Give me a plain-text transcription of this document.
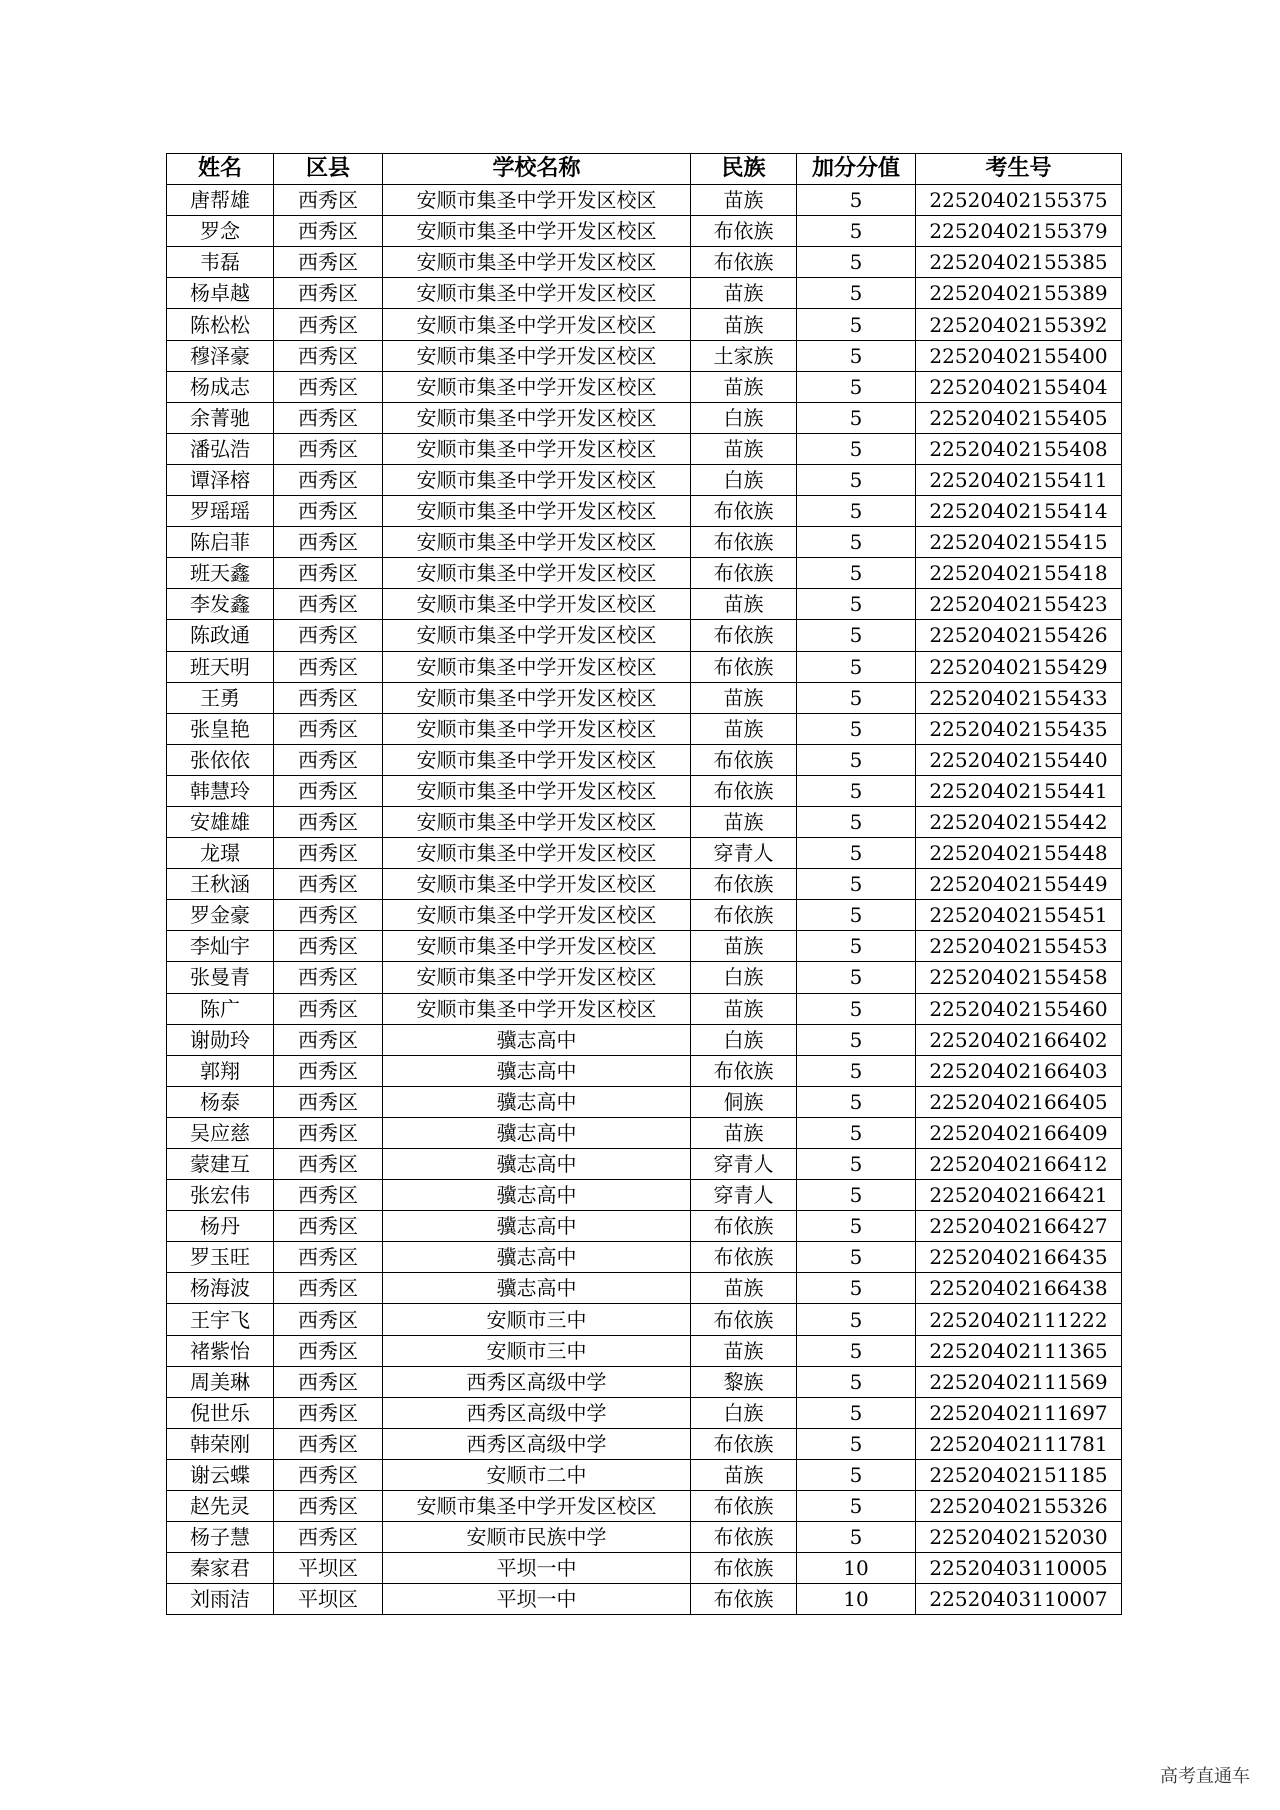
姓名	区县	学校名称	民族	加分分值	考生号
唐帮雄	西秀区	安顺市集圣中学开发区校区	苗族	5	22520402155375
罗念	西秀区	安顺市集圣中学开发区校区	布依族	5	22520402155379
韦磊	西秀区	安顺市集圣中学开发区校区	布依族	5	22520402155385
杨卓越	西秀区	安顺市集圣中学开发区校区	苗族	5	22520402155389
陈松松	西秀区	安顺市集圣中学开发区校区	苗族	5	22520402155392
穆泽豪	西秀区	安顺市集圣中学开发区校区	土家族	5	22520402155400
杨成志	西秀区	安顺市集圣中学开发区校区	苗族	5	22520402155404
余菁驰	西秀区	安顺市集圣中学开发区校区	白族	5	22520402155405
潘弘浩	西秀区	安顺市集圣中学开发区校区	苗族	5	22520402155408
谭泽榕	西秀区	安顺市集圣中学开发区校区	白族	5	22520402155411
罗瑶瑶	西秀区	安顺市集圣中学开发区校区	布依族	5	22520402155414
陈启菲	西秀区	安顺市集圣中学开发区校区	布依族	5	22520402155415
班天鑫	西秀区	安顺市集圣中学开发区校区	布依族	5	22520402155418
李发鑫	西秀区	安顺市集圣中学开发区校区	苗族	5	22520402155423
陈政通	西秀区	安顺市集圣中学开发区校区	布依族	5	22520402155426
班天明	西秀区	安顺市集圣中学开发区校区	布依族	5	22520402155429
王勇	西秀区	安顺市集圣中学开发区校区	苗族	5	22520402155433
张皇艳	西秀区	安顺市集圣中学开发区校区	苗族	5	22520402155435
张依依	西秀区	安顺市集圣中学开发区校区	布依族	5	22520402155440
韩慧玲	西秀区	安顺市集圣中学开发区校区	布依族	5	22520402155441
安雄雄	西秀区	安顺市集圣中学开发区校区	苗族	5	22520402155442
龙璟	西秀区	安顺市集圣中学开发区校区	穿青人	5	22520402155448
王秋涵	西秀区	安顺市集圣中学开发区校区	布依族	5	22520402155449
罗金豪	西秀区	安顺市集圣中学开发区校区	布依族	5	22520402155451
李灿宇	西秀区	安顺市集圣中学开发区校区	苗族	5	22520402155453
张曼青	西秀区	安顺市集圣中学开发区校区	白族	5	22520402155458
陈广	西秀区	安顺市集圣中学开发区校区	苗族	5	22520402155460
谢勋玲	西秀区	骥志高中	白族	5	22520402166402
郭翔	西秀区	骥志高中	布依族	5	22520402166403
杨泰	西秀区	骥志高中	侗族	5	22520402166405
吴应慈	西秀区	骥志高中	苗族	5	22520402166409
蒙建互	西秀区	骥志高中	穿青人	5	22520402166412
张宏伟	西秀区	骥志高中	穿青人	5	22520402166421
杨丹	西秀区	骥志高中	布依族	5	22520402166427
罗玉旺	西秀区	骥志高中	布依族	5	22520402166435
杨海波	西秀区	骥志高中	苗族	5	22520402166438
王宇飞	西秀区	安顺市三中	布依族	5	22520402111222
褚紫怡	西秀区	安顺市三中	苗族	5	22520402111365
周美琳	西秀区	西秀区高级中学	黎族	5	22520402111569
倪世乐	西秀区	西秀区高级中学	白族	5	22520402111697
韩荣刚	西秀区	西秀区高级中学	布依族	5	22520402111781
谢云蝶	西秀区	安顺市二中	苗族	5	22520402151185
赵先灵	西秀区	安顺市集圣中学开发区校区	布依族	5	22520402155326
杨子慧	西秀区	安顺市民族中学	布依族	5	22520402152030
秦家君	平坝区	平坝一中	布依族	10	22520403110005
刘雨洁	平坝区	平坝一中	布依族	10	22520403110007
高考直通车
